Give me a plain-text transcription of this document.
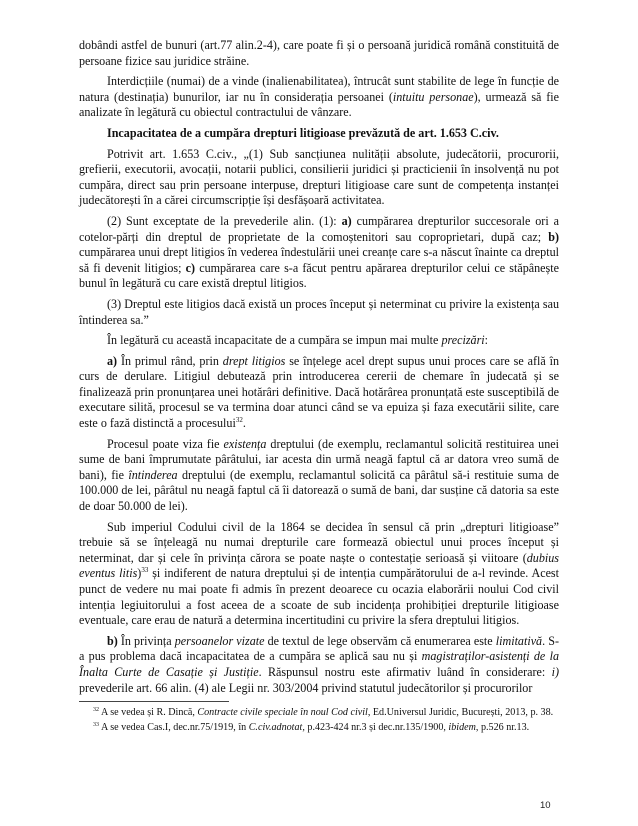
dobândi astfel de bunuri (art.77 alin.2-4), care poate fi și o persoană juridică română constituită de persoane fizice sau juridice străine.

Interdicțiile (numai) de a vinde (inalienabilitatea), întrucât sunt stabilite de lege în funcție de natura (destinația) bunurilor, iar nu în considerația persoanei (intuitu personae), urmează să fie analizate în legătură cu obiectul contractului de vânzare.

Incapacitatea de a cumpăra drepturi litigioase prevăzută de art. 1.653 C.civ.

Potrivit art. 1.653 C.civ., „(1) Sub sancțiunea nulității absolute, judecătorii, procurorii, grefierii, executorii, avocații, notarii publici, consilierii juridici și practicienii în insolvență nu pot cumpăra, direct sau prin persoane interpuse, drepturi litigioase care sunt de competența instanței judecătorești în a cărei circumscripție își desfășoară activitatea.

(2) Sunt exceptate de la prevederile alin. (1): a) cumpărarea drepturilor succesorale ori a cotelor-părți din dreptul de proprietate de la comoștenitori sau coproprietari, după caz; b) cumpărarea unui drept litigios în vederea îndestulării unei creanțe care s-a născut înainte ca dreptul să fi devenit litigios; c) cumpărarea care s-a făcut pentru apărarea drepturilor celui ce stăpânește bunul în legătură cu care există dreptul litigios.

(3) Dreptul este litigios dacă există un proces început și neterminat cu privire la existența sau întinderea sa.”

În legătură cu această incapacitate de a cumpăra se impun mai multe precizări:

a) În primul rând, prin drept litigios se înțelege acel drept supus unui proces care se află în curs de derulare. Litigiul debutează prin introducerea cererii de chemare în judecată și se finalizează prin pronunțarea unei hotărâri definitive. Dacă hotărârea pronunțată este susceptibilă de executare silită, procesul se va termina doar atunci când se va epuiza și faza executării silite, care este o fază distinctă a procesului$^{32}$.

Procesul poate viza fie existența dreptului (de exemplu, reclamantul solicită restituirea unei sume de bani împrumutate pârâtului, iar acesta din urmă neagă faptul că ar datora vreo sumă de bani), fie întinderea dreptului (de exemplu, reclamantul solicită ca pârâtul să-i restituie suma de 100.000 de lei, pârâtul nu neagă faptul că îi datorează o sumă de bani, dar susține că datoria sa este de doar 50.000 de lei).

Sub imperiul Codului civil de la 1864 se decidea în sensul că prin „drepturi litigioase” trebuie să se înțeleagă nu numai drepturile care formează obiectul unui proces început și neterminat, dar și cele în privința cărora se poate naște o contestație serioasă și viitoare (dubius eventus litis)$^{33}$ și indiferent de natura dreptului și de intenția cumpărătorului de a-l revinde. Acest punct de vedere nu mai poate fi admis în prezent deoarece cu ocazia elaborării noului Cod civil intenția legiuitorului a fost aceea de a scoate de sub incidența prohibiției drepturile litigioase eventuale, care erau de natură a determina incertitudini cu privire la sfera dreptului litigios.

b) În privința persoanelor vizate de textul de lege observăm că enumerarea este limitativă. S-a pus problema dacă incapacitatea de a cumpăra se aplică sau nu și magistraților-asistenți de la Înalta Curte de Casație și Justiție. Răspunsul nostru este afirmativ luând în considerare: i) prevederile art. 66 alin. (4) ale Legii nr. 303/2004 privind statutul judecătorilor și procurorilor

$^{32}$ A se vedea și R. Dincă, Contracte civile speciale în noul Cod civil, Ed.Universul Juridic, București, 2013, p. 38.

$^{33}$ A se vedea Cas.I, dec.nr.75/1919, în C.civ.adnotat, p.423-424 nr.3 și dec.nr.135/1900, ibidem, p.526 nr.13.

10
